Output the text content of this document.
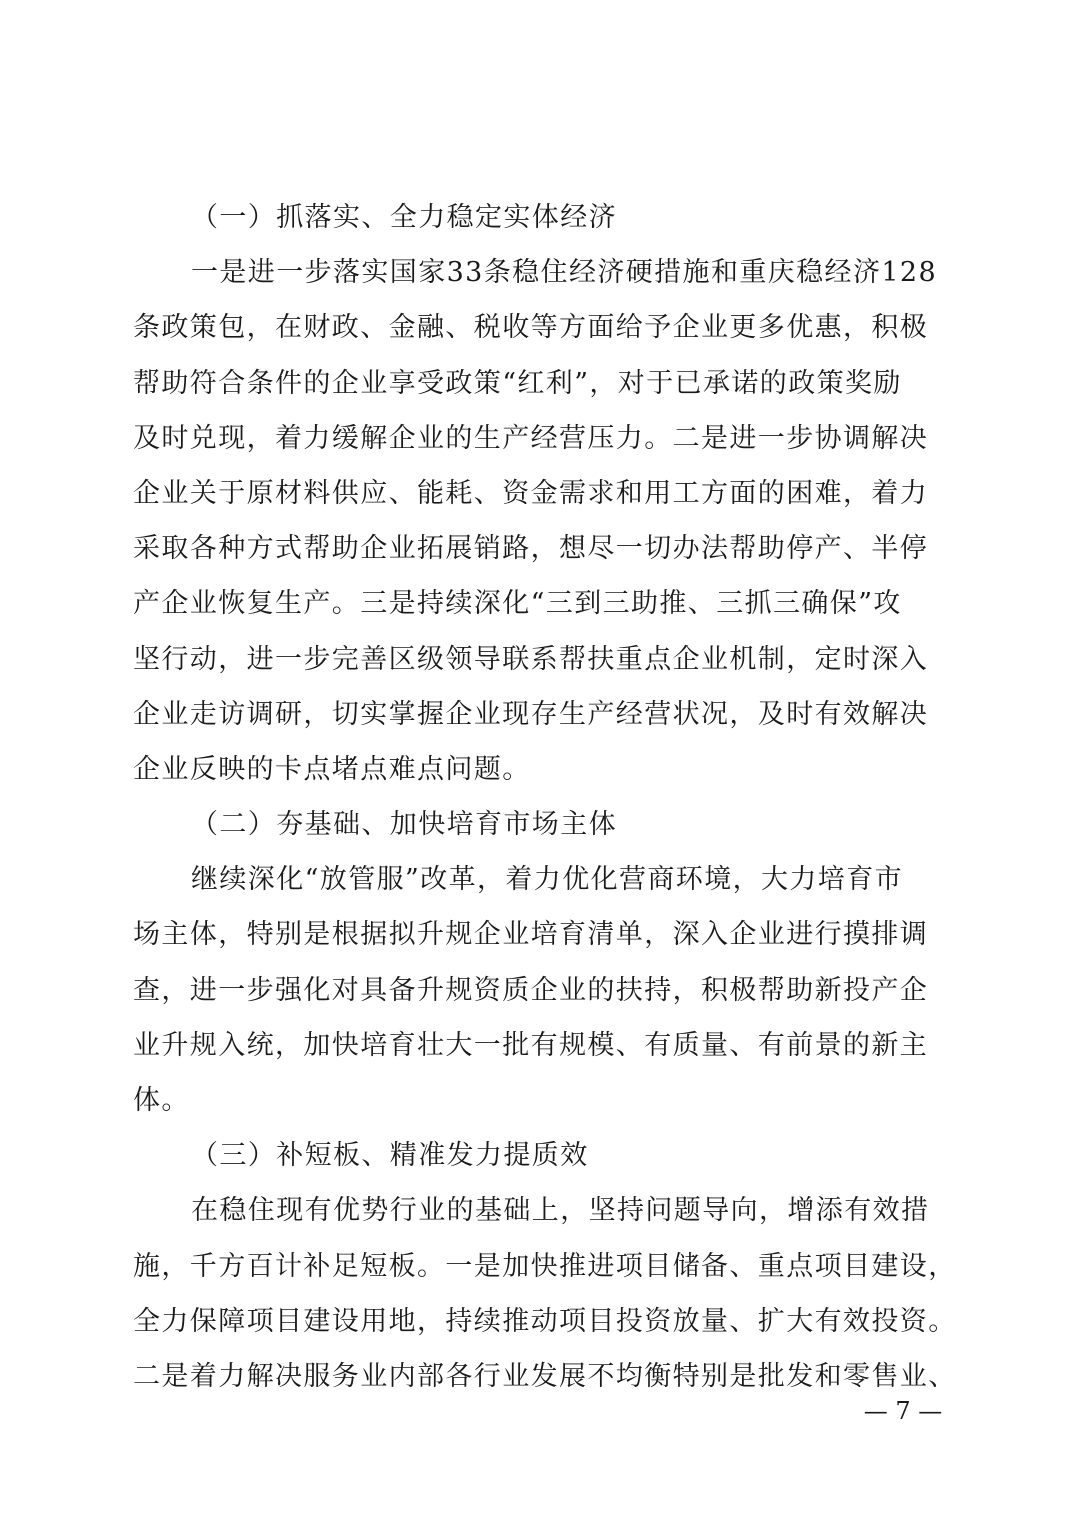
（一）抓落实、全力稳定实体经济
一是进一步落实国家33条稳住经济硬措施和重庆稳经济128
条政策包，在财政、金融、税收等方面给予企业更多优惠，积极
帮助符合条件的企业享受政策“红利”，对于已承诺的政策奖励
及时兑现，着力缓解企业的生产经营压力。二是进一步协调解决
企业关于原材料供应、能耗、资金需求和用工方面的困难，着力
采取各种方式帮助企业拓展销路，想尽一切办法帮助停产、半停
产企业恢复生产。三是持续深化“三到三助推、三抓三确保”攻
坚行动，进一步完善区级领导联系帮扶重点企业机制，定时深入
企业走访调研，切实掌握企业现存生产经营状况，及时有效解决
企业反映的卡点堵点难点问题。
（二）夯基础、加快培育市场主体
继续深化“放管服”改革，着力优化营商环境，大力培育市
场主体，特别是根据拟升规企业培育清单，深入企业进行摸排调
查，进一步强化对具备升规资质企业的扶持，积极帮助新投产企
业升规入统，加快培育壮大一批有规模、有质量、有前景的新主
体。
（三）补短板、精准发力提质效
在稳住现有优势行业的基础上，坚持问题导向，增添有效措
施，千方百计补足短板。一是加快推进项目储备、重点项目建设，
全力保障项目建设用地，持续推动项目投资放量、扩大有效投资。
二是着力解决服务业内部各行业发展不均衡特别是批发和零售业、
— 7 —
